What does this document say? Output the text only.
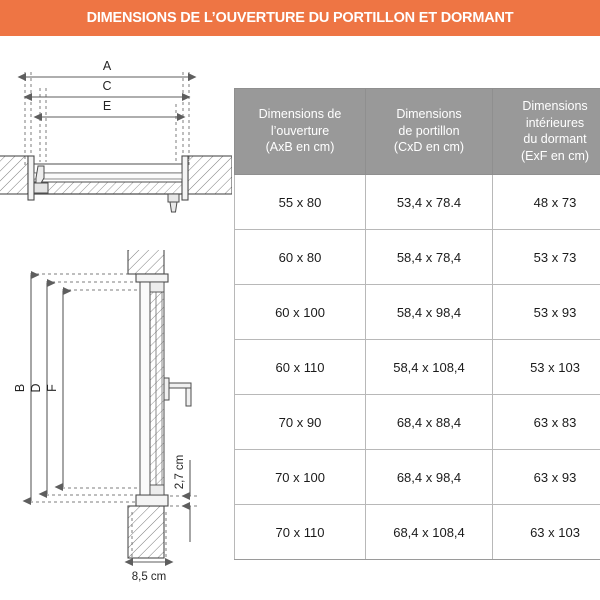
DIMENSIONS DE L’OUVERTURE DU PORTILLON ET DORMANT
A
C
E
B D F
2,7 cm
8,5 cm
Dimensions de
l’ouverture
(AxB en cm)	Dimensions
de portillon
(CxD en cm)	Dimensions
intérieures
du dormant
(ExF en cm)
55 x 80	53,4 x 78.4	48 x 73
60 x 80	58,4 x 78,4	53 x 73
60 x 100	58,4 x 98,4	53 x 93
60 x 110	58,4 x 108,4	53 x 103
70 x 90	68,4 x 88,4	63 x 83
70 x 100	68,4 x 98,4	63 x 93
70 x 110	68,4 x 108,4	63 x 103
